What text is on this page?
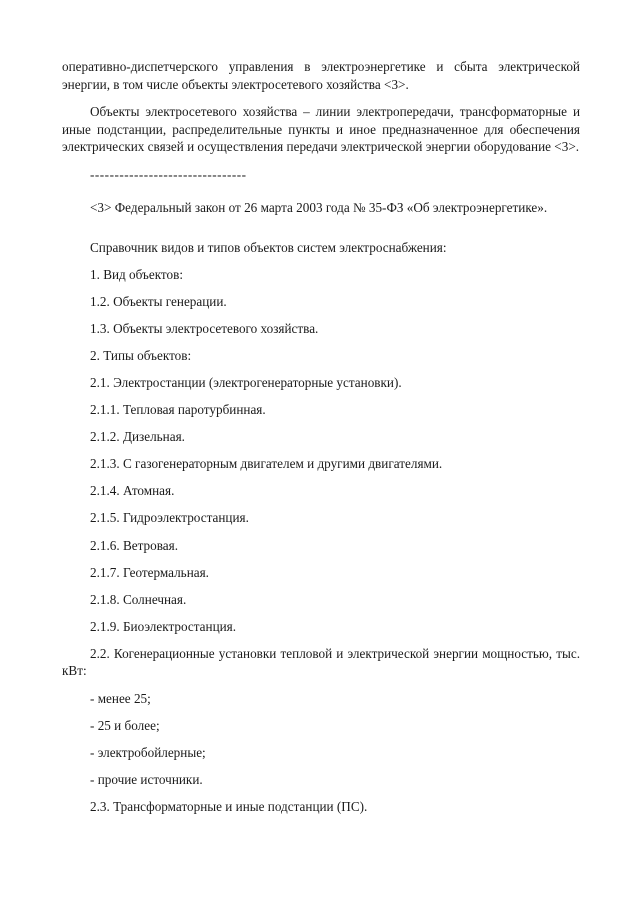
оперативно-диспетчерского управления в электроэнергетике и сбыта электрической энергии, в том числе объекты электросетевого хозяйства <3>.

Объекты электросетевого хозяйства – линии электропередачи, трансформаторные и иные подстанции, распределительные пункты и иное предназначенное для обеспечения электрических связей и осуществления передачи электрической энергии оборудование <3>.

--------------------------------

<3> Федеральный закон от 26 марта 2003 года № 35-ФЗ «Об электроэнергетике».

Справочник видов и типов объектов систем электроснабжения:
1. Вид объектов:
1.2. Объекты генерации.
1.3. Объекты электросетевого хозяйства.
2. Типы объектов:
2.1. Электростанции (электрогенераторные установки).
2.1.1. Тепловая паротурбинная.
2.1.2. Дизельная.
2.1.3. С газогенераторным двигателем и другими двигателями.
2.1.4. Атомная.
2.1.5. Гидроэлектростанция.
2.1.6. Ветровая.
2.1.7. Геотермальная.
2.1.8. Солнечная.
2.1.9. Биоэлектростанция.

2.2. Когенерационные установки тепловой и электрической энергии мощностью, тыс. кВт:

- менее 25;
- 25 и более;
- электробойлерные;
- прочие источники.
2.3. Трансформаторные и иные подстанции (ПС).
